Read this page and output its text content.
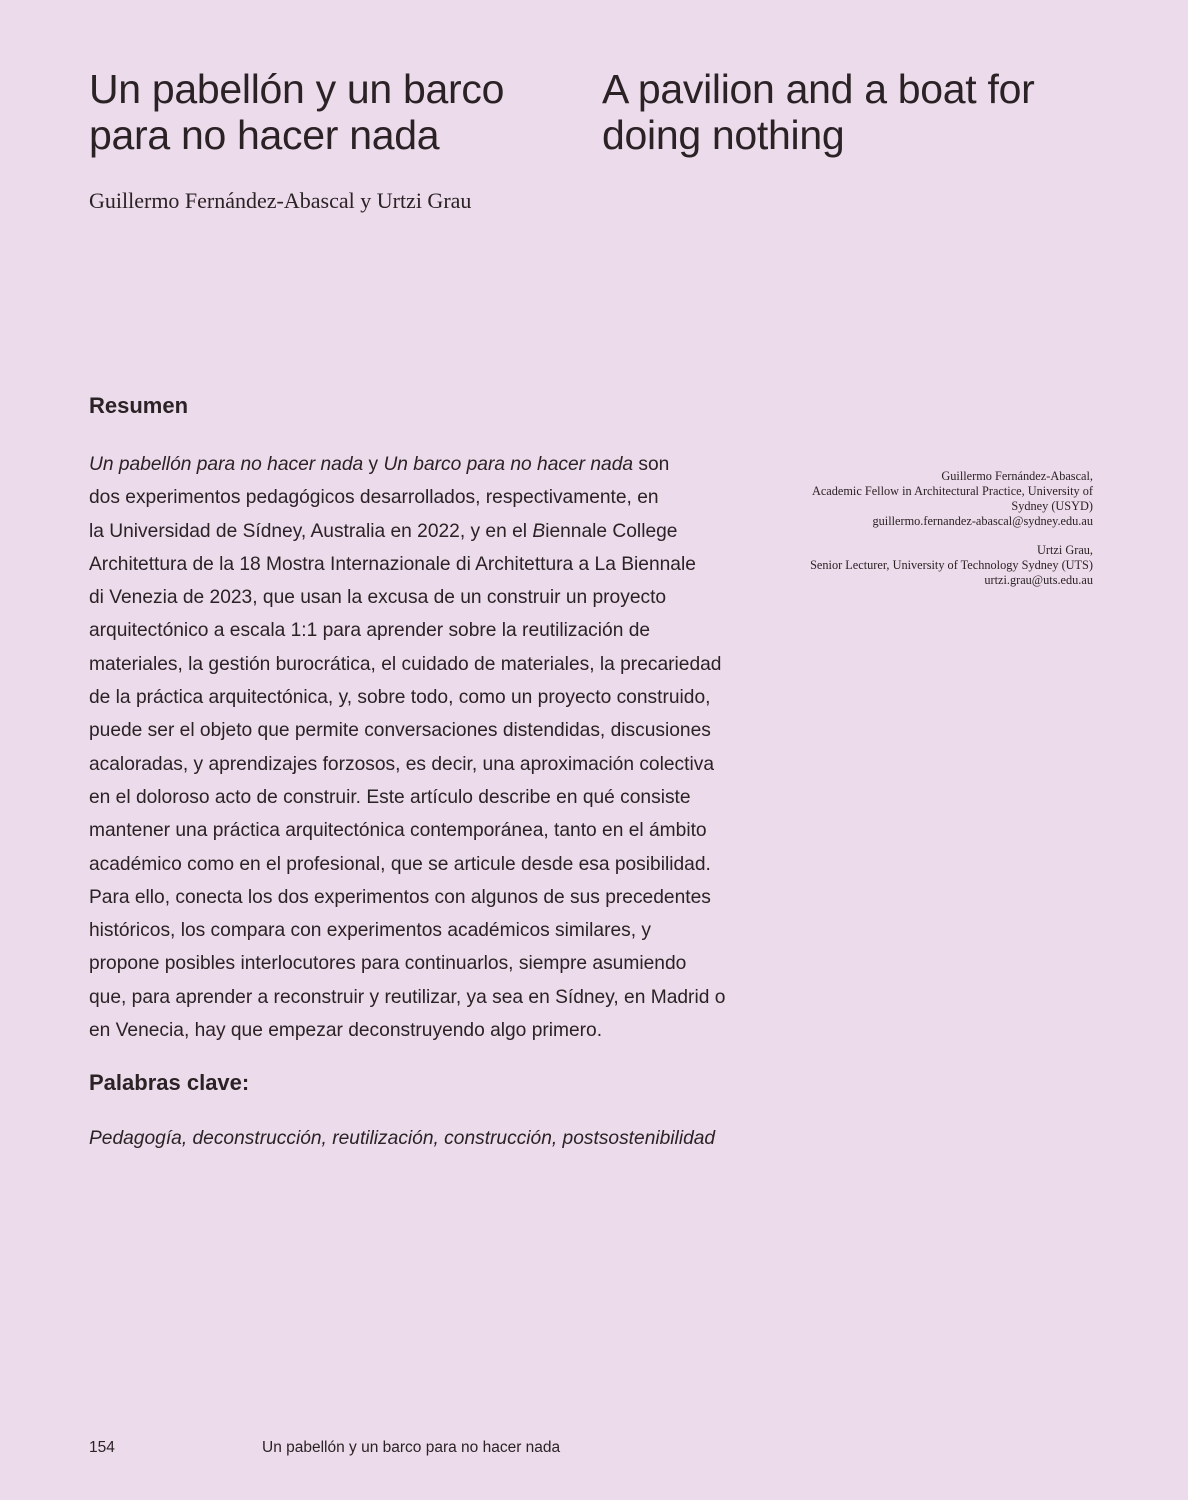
Un pabellón y un barco para no hacer nada
A pavilion and a boat for doing nothing
Guillermo Fernández-Abascal y Urtzi Grau
Resumen
Un pabellón para no hacer nada y Un barco para no hacer nada son
dos experimentos pedagógicos desarrollados, respectivamente, en
la Universidad de Sídney, Australia en 2022, y en el Biennale College
Architettura de la 18 Mostra Internazionale di Architettura a La Biennale
di Venezia de 2023, que usan la excusa de un construir un proyecto
arquitectónico a escala 1:1 para aprender sobre la reutilización de
materiales, la gestión burocrática, el cuidado de materiales, la precariedad
de la práctica arquitectónica, y, sobre todo, como un proyecto construido,
puede ser el objeto que permite conversaciones distendidas, discusiones
acaloradas, y aprendizajes forzosos, es decir, una aproximación colectiva
en el doloroso acto de construir. Este artículo describe en qué consiste
mantener una práctica arquitectónica contemporánea, tanto en el ámbito
académico como en el profesional, que se articule desde esa posibilidad.
Para ello, conecta los dos experimentos con algunos de sus precedentes
históricos, los compara con experimentos académicos similares, y
propone posibles interlocutores para continuarlos, siempre asumiendo
que, para aprender a reconstruir y reutilizar, ya sea en Sídney, en Madrid o
en Venecia, hay que empezar deconstruyendo algo primero.
Palabras clave:
Pedagogía, deconstrucción, reutilización, construcción, postsostenibilidad
Guillermo Fernández-Abascal,
Academic Fellow in Architectural Practice, University of
Sydney (USYD)
guillermo.fernandez-abascal@sydney.edu.au
Urtzi Grau,
Senior Lecturer, University of Technology Sydney (UTS)
urtzi.grau@uts.edu.au
154	Un pabellón y un barco para no hacer nada
